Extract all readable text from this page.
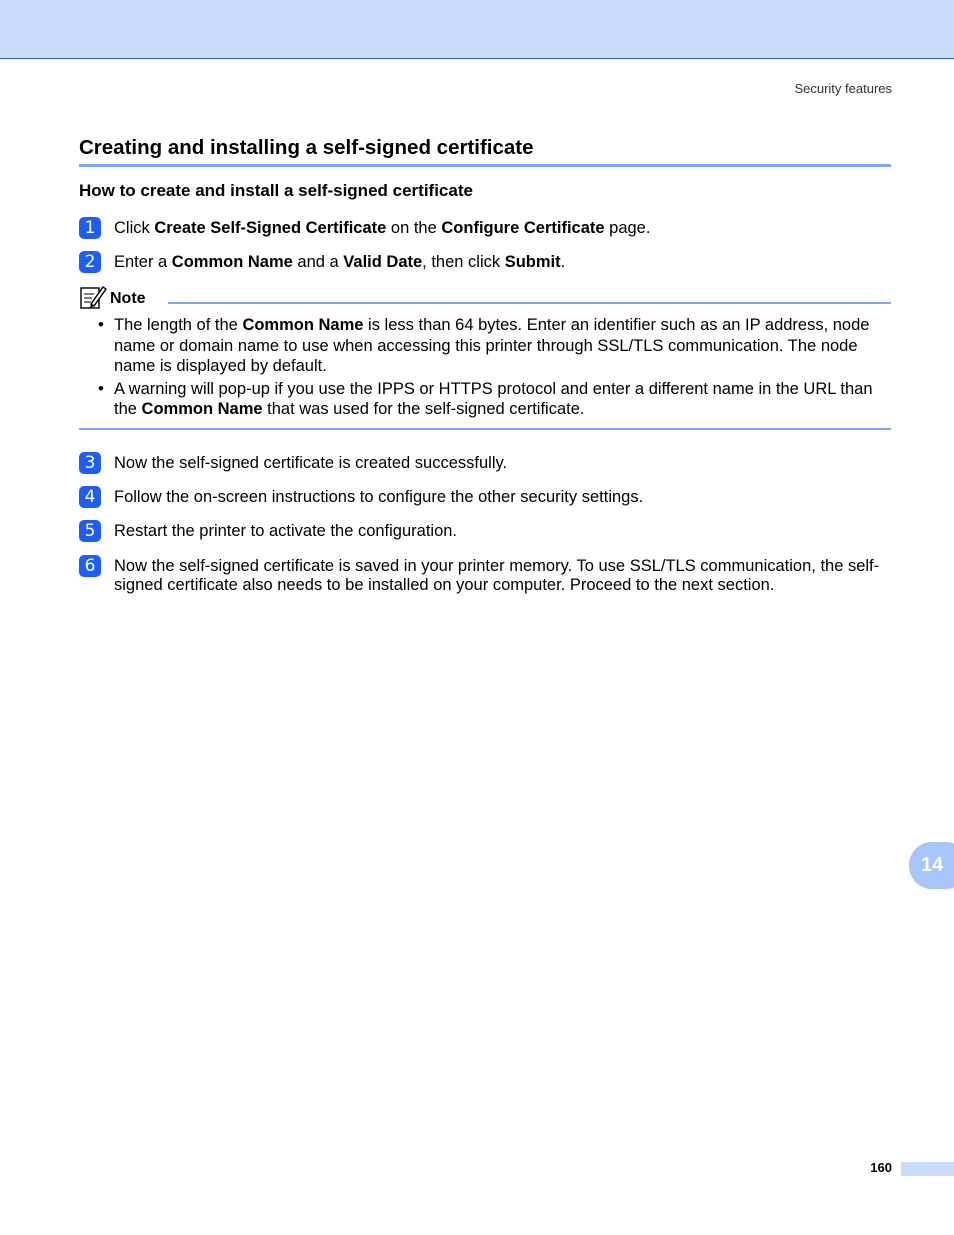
Security features
Creating and installing a self-signed certificate
How to create and install a self-signed certificate
1	Click Create Self-Signed Certificate on the Configure Certificate page.
2	Enter a Common Name and a Valid Date, then click Submit.
Note
• The length of the Common Name is less than 64 bytes. Enter an identifier such as an IP address, node name or domain name to use when accessing this printer through SSL/TLS communication. The node name is displayed by default.
• A warning will pop-up if you use the IPPS or HTTPS protocol and enter a different name in the URL than the Common Name that was used for the self-signed certificate.
3	Now the self-signed certificate is created successfully.
4	Follow the on-screen instructions to configure the other security settings.
5	Restart the printer to activate the configuration.
6	Now the self-signed certificate is saved in your printer memory. To use SSL/TLS communication, the self-signed certificate also needs to be installed on your computer. Proceed to the next section.
14
160
